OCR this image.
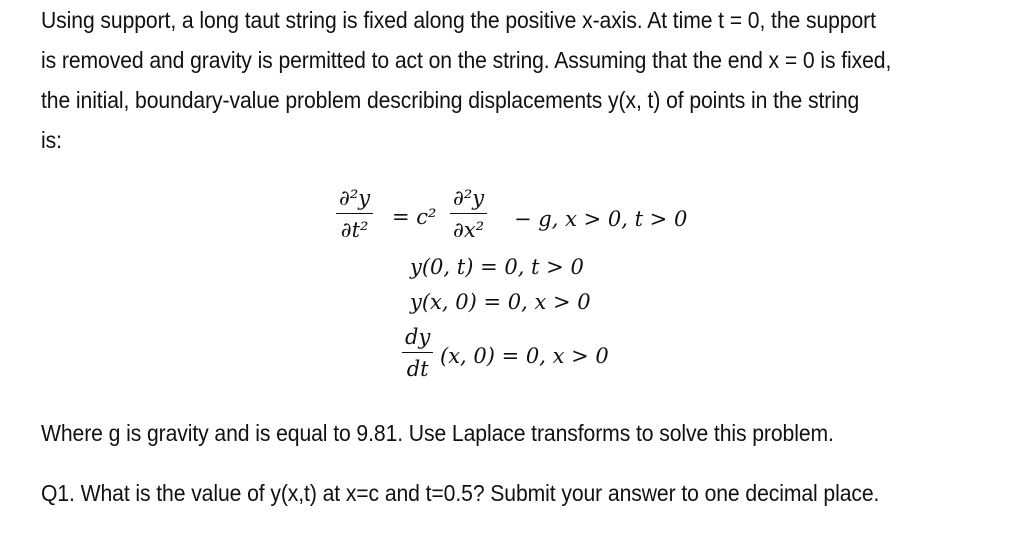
Using support, a long taut string is fixed along the positive x-axis. At time t = 0, the support
is removed and gravity is permitted to act on the string. Assuming that the end x = 0 is fixed,
the initial, boundary-value problem describing displacements y(x, t) of points in the string
is:
∂²y
∂t²
= c²
∂²y
∂x² − g, x > 0, t > 0
y(0, t) = 0, t > 0
y(x, 0) = 0, x > 0
dy
dt
(x, 0) = 0, x > 0
Where g is gravity and is equal to 9.81. Use Laplace transforms to solve this problem.
Q1. What is the value of y(x,t) at x=c and t=0.5? Submit your answer to one decimal place.
